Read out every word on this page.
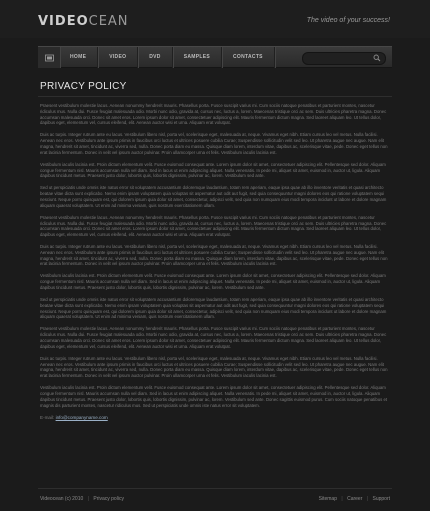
VIDEOCEAN	The video of your success!
HOME	VIDEO	DVD	SAMPLES	CONTACTS
PRIVACY POLICY

Praesent vestibulum molestie lacus. Aenean nonummy hendrerit mauris. Phasellus porta. Fusce suscipit varius mi. Cum sociis natoque penatibus et parturient montes, nascetur ridiculus mus. Nulla dui. Fusce feugiat malesuada odio. Morbi nunc odio, gravida at, cursus nec, luctus a, lorem. Maecenas tristique orci ac sem. Duis ultricies pharetra magna. Donec accumsan malesuada orci. Donec sit amet eros. Lorem ipsum dolor sit amet, consectetuer adipiscing elit. Mauris fermentum dictum magna. Sed laoreet aliquam leo. Ut tellus dolor, dapibus eget, elementum vel, cursus eleifend, elit. Aenean auctor wisi et urna. Aliquam erat volutpat.

Duis ac turpis. Integer rutrum ante eu lacus. Vestibulum libero nisl, porta vel, scelerisque eget, malesuada at, neque. Vivamus eget nibh. Etiam cursus leo vel metus. Nulla facilisi. Aenean nec eros. Vestibulum ante ipsum primis in faucibus orci luctus et ultrices posuere cubilia Curae; Suspendisse sollicitudin velit sed leo. Ut pharetra augue nec augue. Nam elit magna, hendrerit sit amet, tincidunt ac, viverra sed, nulla. Donec porta diam eu massa. Quisque diam lorem, interdum vitae, dapibus ac, scelerisque vitae, pede. Donec eget tellus non erat lacinia fermentum. Donec in velit vel ipsum auctor pulvinar. Proin ullamcorper urna et felis. Vestibulum iaculis lacinia est.

Vestibulum iaculis lacinia est. Proin dictum elementum velit. Fusce euismod consequat ante. Lorem ipsum dolor sit amet, consectetuer adipiscing elit. Pellentesque sed dolor. Aliquam congue fermentum nisl. Mauris accumsan nulla vel diam. Sed in lacus ut enim adipiscing aliquet. Nulla venenatis. In pede mi, aliquet sit amet, euismod in, auctor ut, ligula. Aliquam dapibus tincidunt metus. Praesent justo dolor, lobortis quis, lobortis dignissim, pulvinar ac, lorem. Vestibulum sed ante.

Sed ut perspiciatis unde omnis iste natus error sit voluptatem accusantium doloremque laudantium, totam rem aperiam, eaque ipsa quae ab illo inventore veritatis et quasi architecto beatae vitae dicta sunt explicabo. Nemo enim ipsam voluptatem quia voluptas sit aspernatur aut odit aut fugit, sed quia consequuntur magni dolores eos qui ratione voluptatem sequi nesciunt. Neque porro quisquam est, qui dolorem ipsum quia dolor sit amet, consectetur, adipisci velit, sed quia non numquam eius modi tempora incidunt ut labore et dolore magnam aliquam quaerat voluptatem. Ut enim ad minima veniam, quis nostrum exercitationem ullam.

Praesent vestibulum molestie lacus. Aenean nonummy hendrerit mauris. Phasellus porta. Fusce suscipit varius mi. Cum sociis natoque penatibus et parturient montes, nascetur ridiculus mus. Nulla dui. Fusce feugiat malesuada odio. Morbi nunc odio, gravida at, cursus nec, luctus a, lorem. Maecenas tristique orci ac sem. Duis ultricies pharetra magna. Donec accumsan malesuada orci. Donec sit amet eros. Lorem ipsum dolor sit amet, consectetuer adipiscing elit. Mauris fermentum dictum magna. Sed laoreet aliquam leo. Ut tellus dolor, dapibus eget, elementum vel, cursus eleifend, elit. Aenean auctor wisi et urna. Aliquam erat volutpat.

Duis ac turpis. Integer rutrum ante eu lacus. Vestibulum libero nisl, porta vel, scelerisque eget, malesuada at, neque. Vivamus eget nibh. Etiam cursus leo vel metus. Nulla facilisi. Aenean nec eros. Vestibulum ante ipsum primis in faucibus orci luctus et ultrices posuere cubilia Curae; Suspendisse sollicitudin velit sed leo. Ut pharetra augue nec augue. Nam elit magna, hendrerit sit amet, tincidunt ac, viverra sed, nulla. Donec porta diam eu massa. Quisque diam lorem, interdum vitae, dapibus ac, scelerisque vitae, pede. Donec eget tellus non erat lacinia fermentum. Donec in velit vel ipsum auctor pulvinar. Proin ullamcorper urna et felis. Vestibulum iaculis lacinia est.

Vestibulum iaculis lacinia est. Proin dictum elementum velit. Fusce euismod consequat ante. Lorem ipsum dolor sit amet, consectetuer adipiscing elit. Pellentesque sed dolor. Aliquam congue fermentum nisl. Mauris accumsan nulla vel diam. Sed in lacus ut enim adipiscing aliquet. Nulla venenatis. In pede mi, aliquet sit amet, euismod in, auctor ut, ligula. Aliquam dapibus tincidunt metus. Praesent justo dolor, lobortis quis, lobortis dignissim, pulvinar ac, lorem. Vestibulum sed ante.

Sed ut perspiciatis unde omnis iste natus error sit voluptatem accusantium doloremque laudantium, totam rem aperiam, eaque ipsa quae ab illo inventore veritatis et quasi architecto beatae vitae dicta sunt explicabo. Nemo enim ipsam voluptatem quia voluptas sit aspernatur aut odit aut fugit, sed quia consequuntur magni dolores eos qui ratione voluptatem sequi nesciunt. Neque porro quisquam est, qui dolorem ipsum quia dolor sit amet, consectetur, adipisci velit, sed quia non numquam eius modi tempora incidunt ut labore et dolore magnam aliquam quaerat voluptatem. Ut enim ad minima veniam, quis nostrum exercitationem ullam.

Praesent vestibulum molestie lacus. Aenean nonummy hendrerit mauris. Phasellus porta. Fusce suscipit varius mi. Cum sociis natoque penatibus et parturient montes, nascetur ridiculus mus. Nulla dui. Fusce feugiat malesuada odio. Morbi nunc odio, gravida at, cursus nec, luctus a, lorem. Maecenas tristique orci ac sem. Duis ultricies pharetra magna. Donec accumsan malesuada orci. Donec sit amet eros. Lorem ipsum dolor sit amet, consectetuer adipiscing elit. Mauris fermentum dictum magna. Sed laoreet aliquam leo. Ut tellus dolor, dapibus eget, elementum vel, cursus eleifend, elit. Aenean auctor wisi et urna. Aliquam erat volutpat.

Duis ac turpis. Integer rutrum ante eu lacus. Vestibulum libero nisl, porta vel, scelerisque eget, malesuada at, neque. Vivamus eget nibh. Etiam cursus leo vel metus. Nulla facilisi. Aenean nec eros. Vestibulum ante ipsum primis in faucibus orci luctus et ultrices posuere cubilia Curae; Suspendisse sollicitudin velit sed leo. Ut pharetra augue nec augue. Nam elit magna, hendrerit sit amet, tincidunt ac, viverra sed, nulla. Donec porta diam eu massa. Quisque diam lorem, interdum vitae, dapibus ac, scelerisque vitae, pede. Donec eget tellus non erat lacinia fermentum. Donec in velit vel ipsum auctor pulvinar. Proin ullamcorper urna et felis. Vestibulum iaculis lacinia est.

Vestibulum iaculis lacinia est. Proin dictum elementum velit. Fusce euismod consequat ante. Lorem ipsum dolor sit amet, consectetuer adipiscing elit. Pellentesque sed dolor. Aliquam congue fermentum nisl. Mauris accumsan nulla vel diam. Sed in lacus ut enim adipiscing aliquet. Nulla venenatis. In pede mi, aliquet sit amet, euismod in, auctor ut, ligula. Aliquam dapibus tincidunt metus. Praesent justo dolor, lobortis quis, lobortis dignissim, pulvinar ac, lorem. Vestibulum sed ante. Donec sagittis euismod purus. Cum sociis natoque penatibus et magnis dis parturient montes, nascetur ridiculus mus. Sed ut perspiciatis unde omnis iste natus error sit voluptatem.

E-mail: info@companyname.com
Videocean (c) 2010 | Privacy policy	Sitemap | Career | Support
